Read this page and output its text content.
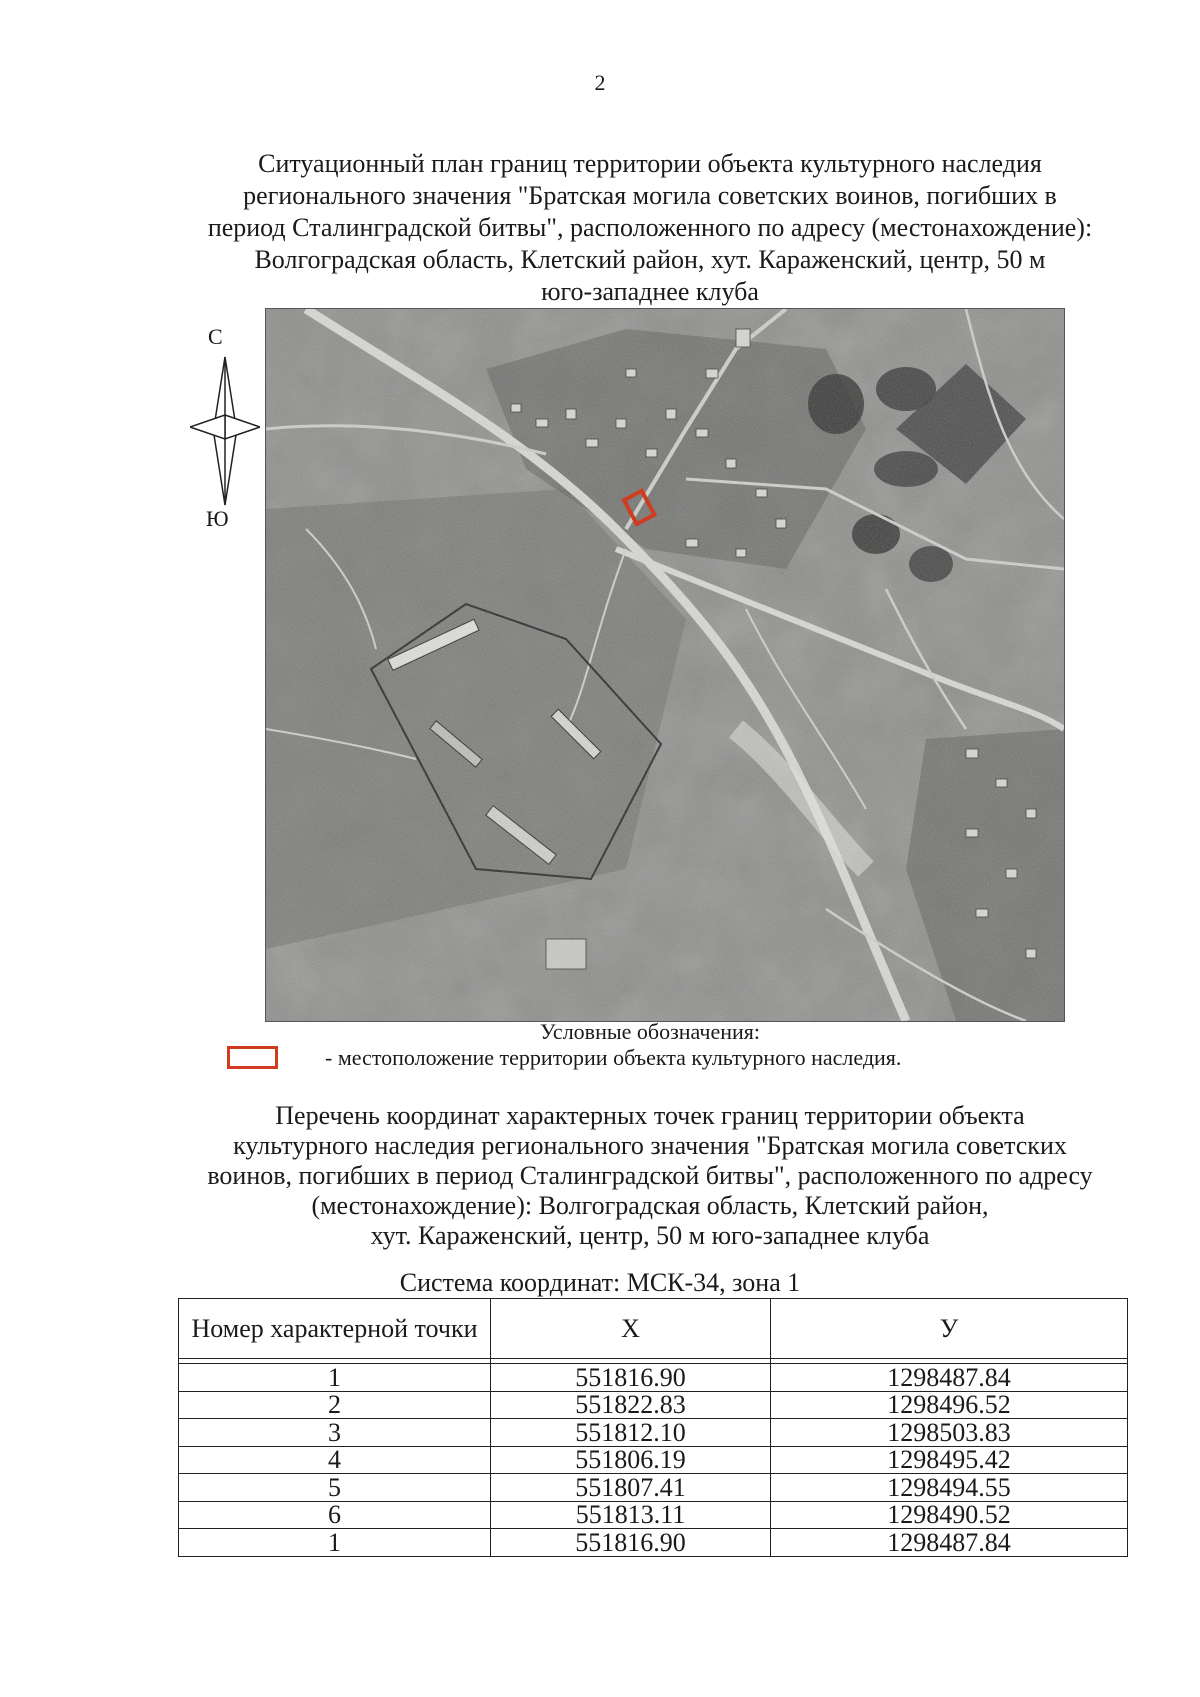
2
Ситуационный план границ территории объекта культурного наследия
регионального значения "Братская могила советских воинов, погибших в
период Сталинградской битвы", расположенного по адресу (местонахождение):
Волгоградская область, Клетский район, хут. Караженский, центр, 50 м
юго-западнее клуба
С
Ю
Условные обозначения:
- местоположение территории объекта культурного наследия.
Перечень координат характерных точек границ территории объекта
культурного наследия регионального значения "Братская могила советских
воинов, погибших в период Сталинградской битвы", расположенного по адресу
(местонахождение): Волгоградская область, Клетский район,
хут. Караженский, центр, 50 м юго-западнее клуба
Система координат: МСК-34, зона 1
Номер характерной точки	X	У

1	551816.90	1298487.84
2	551822.83	1298496.52
3	551812.10	1298503.83
4	551806.19	1298495.42
5	551807.41	1298494.55
6	551813.11	1298490.52
1	551816.90	1298487.84
